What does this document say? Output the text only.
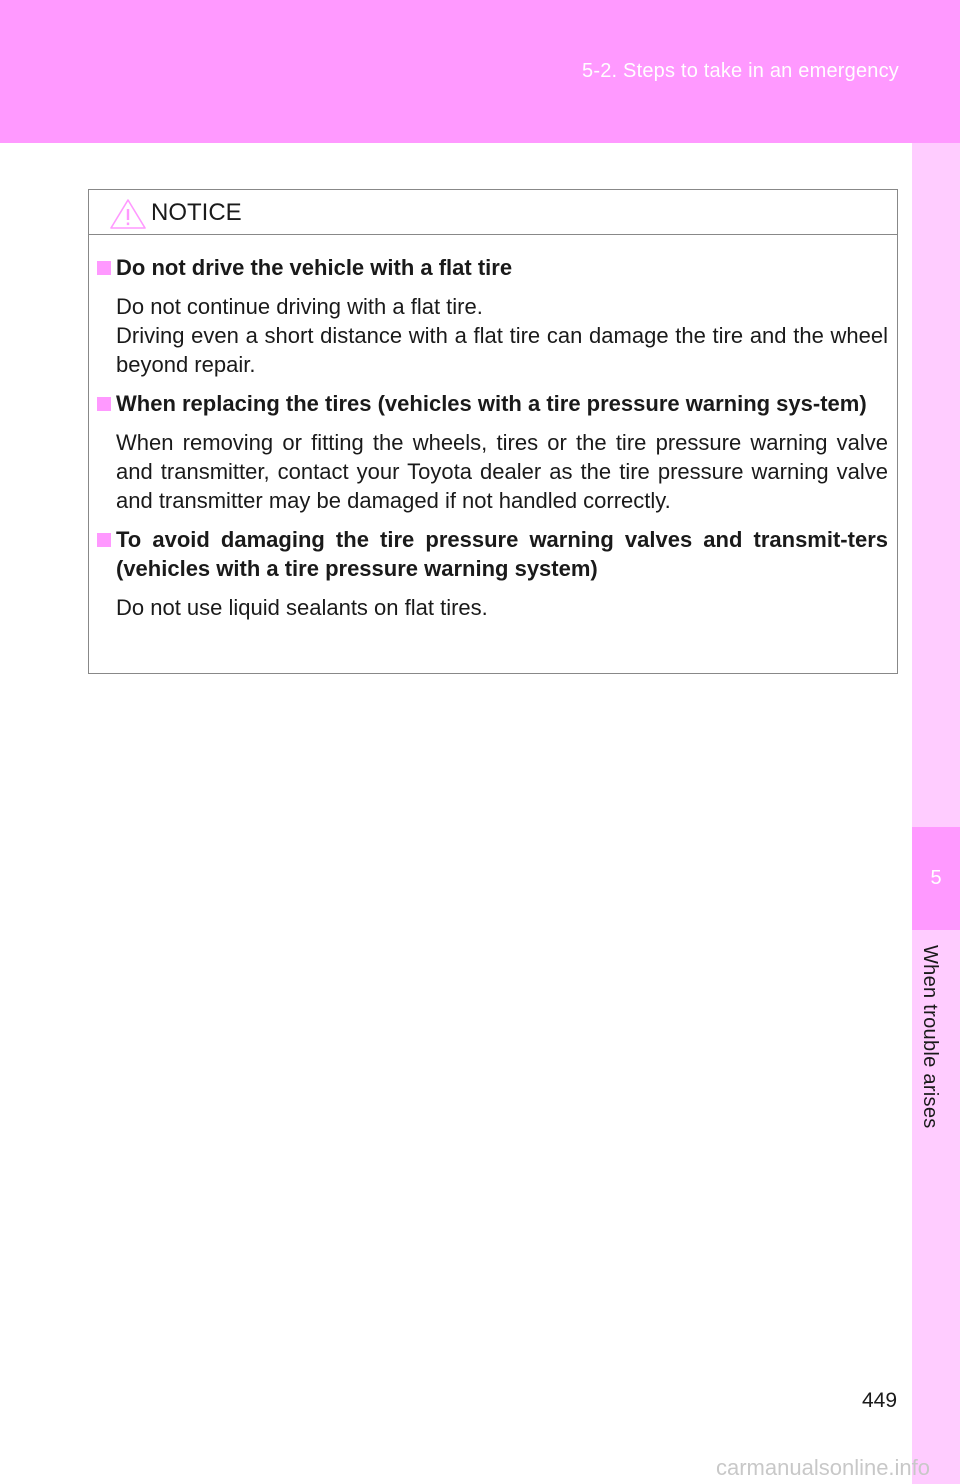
5-2. Steps to take in an emergency
5
When trouble arises
NOTICE
Do not drive the vehicle with a flat tire

Do not continue driving with a flat tire.

Driving even a short distance with a flat tire can damage the tire and the wheel beyond repair.

When replacing the tires (vehicles with a tire pressure warning sys-tem)

When removing or fitting the wheels, tires or the tire pressure warning valve and transmitter, contact your Toyota dealer as the tire pressure warning valve and transmitter may be damaged if not handled correctly.

To avoid damaging the tire pressure warning valves and transmit-ters (vehicles with a tire pressure warning system)

Do not use liquid sealants on flat tires.

449
carmanualsonline.info
